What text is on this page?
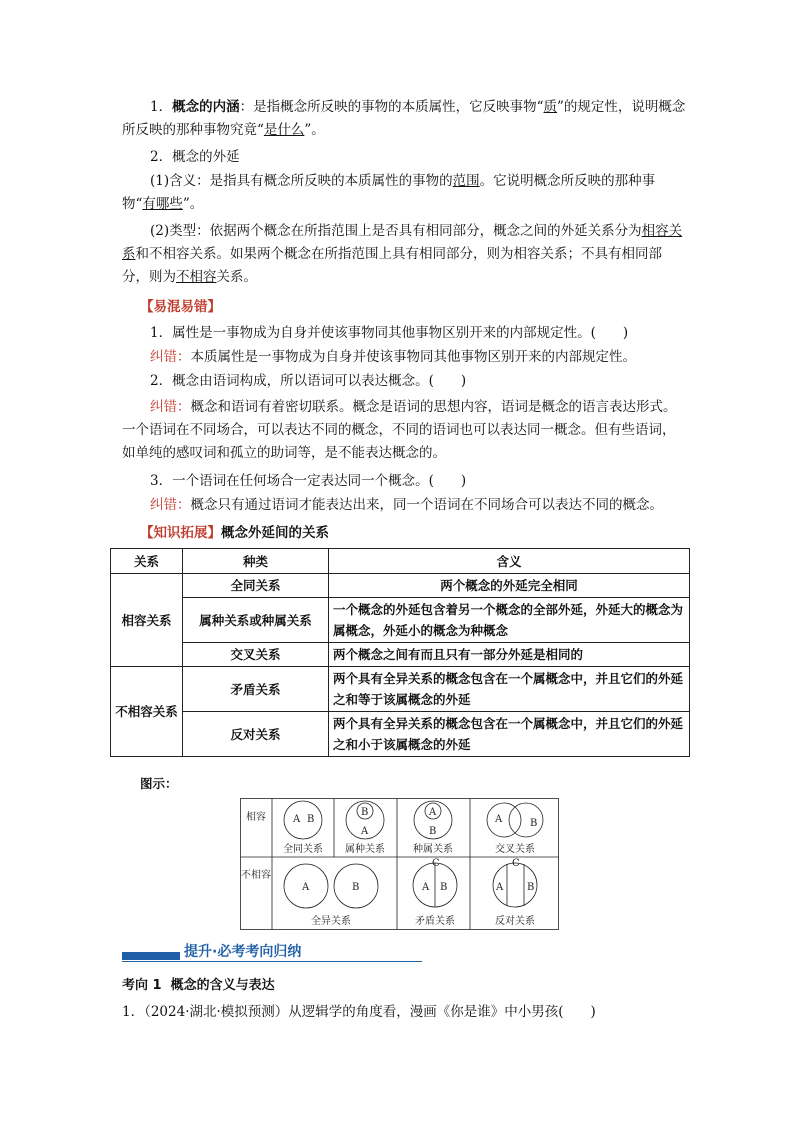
1．概念的内涵：是指概念所反映的事物的本质属性，它反映事物“质”的规定性，说明概念所反映的那种事物究竟“是什么”。

2．概念的外延

(1)含义：是指具有概念所反映的本质属性的事物的范围。它说明概念所反映的那种事物“有哪些”。

(2)类型：依据两个概念在所指范围上是否具有相同部分，概念之间的外延关系分为相容关系和不相容关系。如果两个概念在所指范围上具有相同部分，则为相容关系；不具有相同部分，则为不相容关系。

【易混易错】

1．属性是一事物成为自身并使该事物同其他事物区别开来的内部规定性。(　　)

纠错：本质属性是一事物成为自身并使该事物同其他事物区别开来的内部规定性。

2．概念由语词构成，所以语词可以表达概念。(　　)

纠错：概念和语词有着密切联系。概念是语词的思想内容，语词是概念的语言表达形式。一个语词在不同场合，可以表达不同的概念，不同的语词也可以表达同一概念。但有些语词，如单纯的感叹词和孤立的助词等，是不能表达概念的。

3．一个语词在任何场合一定表达同一个概念。(　　)

纠错：概念只有通过语词才能表达出来，同一个语词在不同场合可以表达不同的概念。

【知识拓展】概念外延间的关系

关系	种类	含义
相容关系	全同关系	两个概念的外延完全相同
	属种关系或种属关系	一个概念的外延包含着另一个概念的全部外延，外延大的概念为属概念，外延小的概念为种概念
	交叉关系	两个概念之间有而且只有一部分外延是相同的
不相容关系	矛盾关系	两个具有全异关系的概念包含在一个属概念中，并且它们的外延之和等于该属概念的外延
	反对关系	两个具有全异关系的概念包含在一个属概念中，并且它们的外延之和小于该属概念的外延

图示：

相容
不相容
A B
全同关系
B
A
属种关系
A
B
种属关系
A	B
交叉关系
A	B
全异关系
C
A B
矛盾关系
C
A B
反对关系
提升·必考考向归纳
考向 1 概念的含义与表达
1．（2024·湖北·模拟预测）从逻辑学的角度看，漫画《你是谁》中小男孩(　　)
